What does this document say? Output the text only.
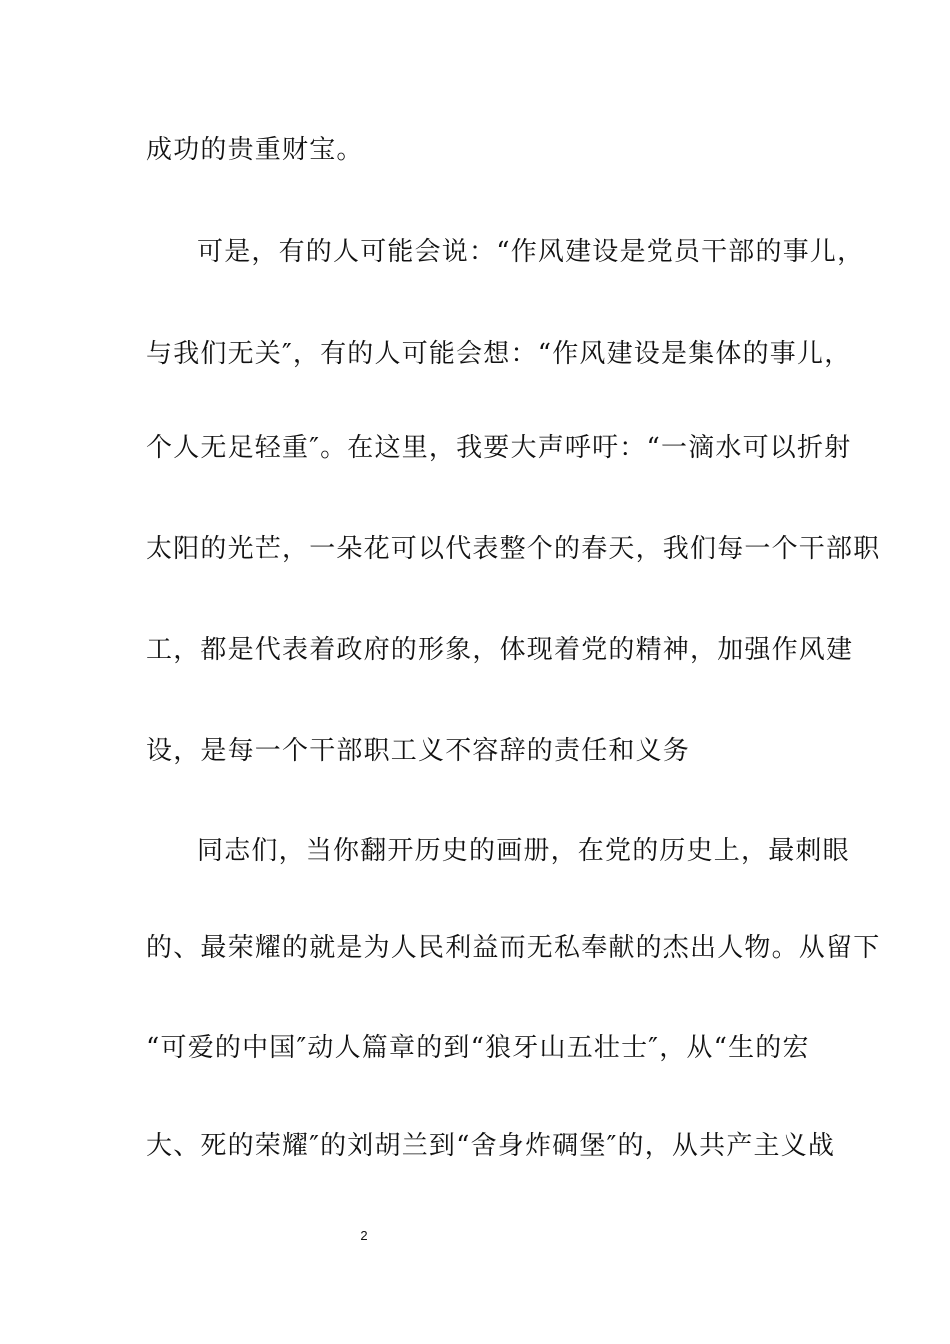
成功的贵重财宝。
可是，有的人可能会说：“作风建设是党员干部的事儿，
与我们无关″，有的人可能会想：“作风建设是集体的事儿，
个人无足轻重″。在这里，我要大声呼吁：“一滴水可以折射
太阳的光芒，一朵花可以代表整个的春天，我们每一个干部职
工，都是代表着政府的形象，体现着党的精神，加强作风建
设，是每一个干部职工义不容辞的责任和义务
同志们，当你翻开历史的画册，在党的历史上，最刺眼
的、最荣耀的就是为人民利益而无私奉献的杰出人物。从留下
“可爱的中国″动人篇章的到“狼牙山五壮士″，从“生的宏
大、死的荣耀″的刘胡兰到“舍身炸碉堡″的，从共产主义战
2
